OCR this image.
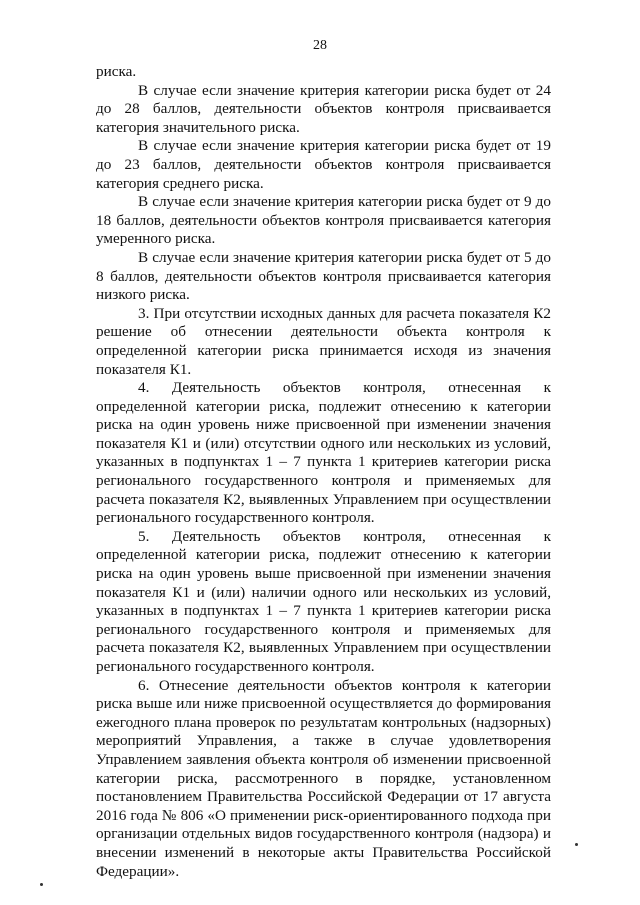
28

риска.

В случае если значение критерия категории риска будет от 24 до 28 баллов, деятельности объектов контроля присваивается категория значительного риска.

В случае если значение критерия категории риска будет от 19 до 23 баллов, деятельности объектов контроля присваивается категория среднего риска.

В случае если значение критерия категории риска будет от 9 до 18 баллов, деятельности объектов контроля присваивается категория умеренного риска.

В случае если значение критерия категории риска будет от 5 до 8 баллов, деятельности объектов контроля присваивается категория низкого риска.

3. При отсутствии исходных данных для расчета показателя К2 решение об отнесении деятельности объекта контроля к определенной категории риска принимается исходя из значения показателя К1.

4. Деятельность объектов контроля, отнесенная к определенной категории риска, подлежит отнесению к категории риска на один уровень ниже присвоенной при изменении значения показателя К1 и (или) отсутствии одного или нескольких из условий, указанных в подпунктах 1 – 7 пункта 1 критериев категории риска регионального государственного контроля и применяемых для расчета показателя К2, выявленных Управлением при осуществлении регионального государственного контроля.

5. Деятельность объектов контроля, отнесенная к определенной категории риска, подлежит отнесению к категории риска на один уровень выше присвоенной при изменении значения показателя К1 и (или) наличии одного или нескольких из условий, указанных в подпунктах 1 – 7 пункта 1 критериев категории риска регионального государственного контроля и применяемых для расчета показателя К2, выявленных Управлением при осуществлении регионального государственного контроля.

6. Отнесение деятельности объектов контроля к категории риска выше или ниже присвоенной осуществляется до формирования ежегодного плана проверок по результатам контрольных (надзорных) мероприятий Управления, а также в случае удовлетворения Управлением заявления объекта контроля об изменении присвоенной категории риска, рассмотренного в порядке, установленном постановлением Правительства Российской Федерации от 17 августа 2016 года № 806 «О применении риск-ориентированного подхода при организации отдельных видов государственного контроля (надзора) и внесении изменений в некоторые акты Правительства Российской Федерации».
